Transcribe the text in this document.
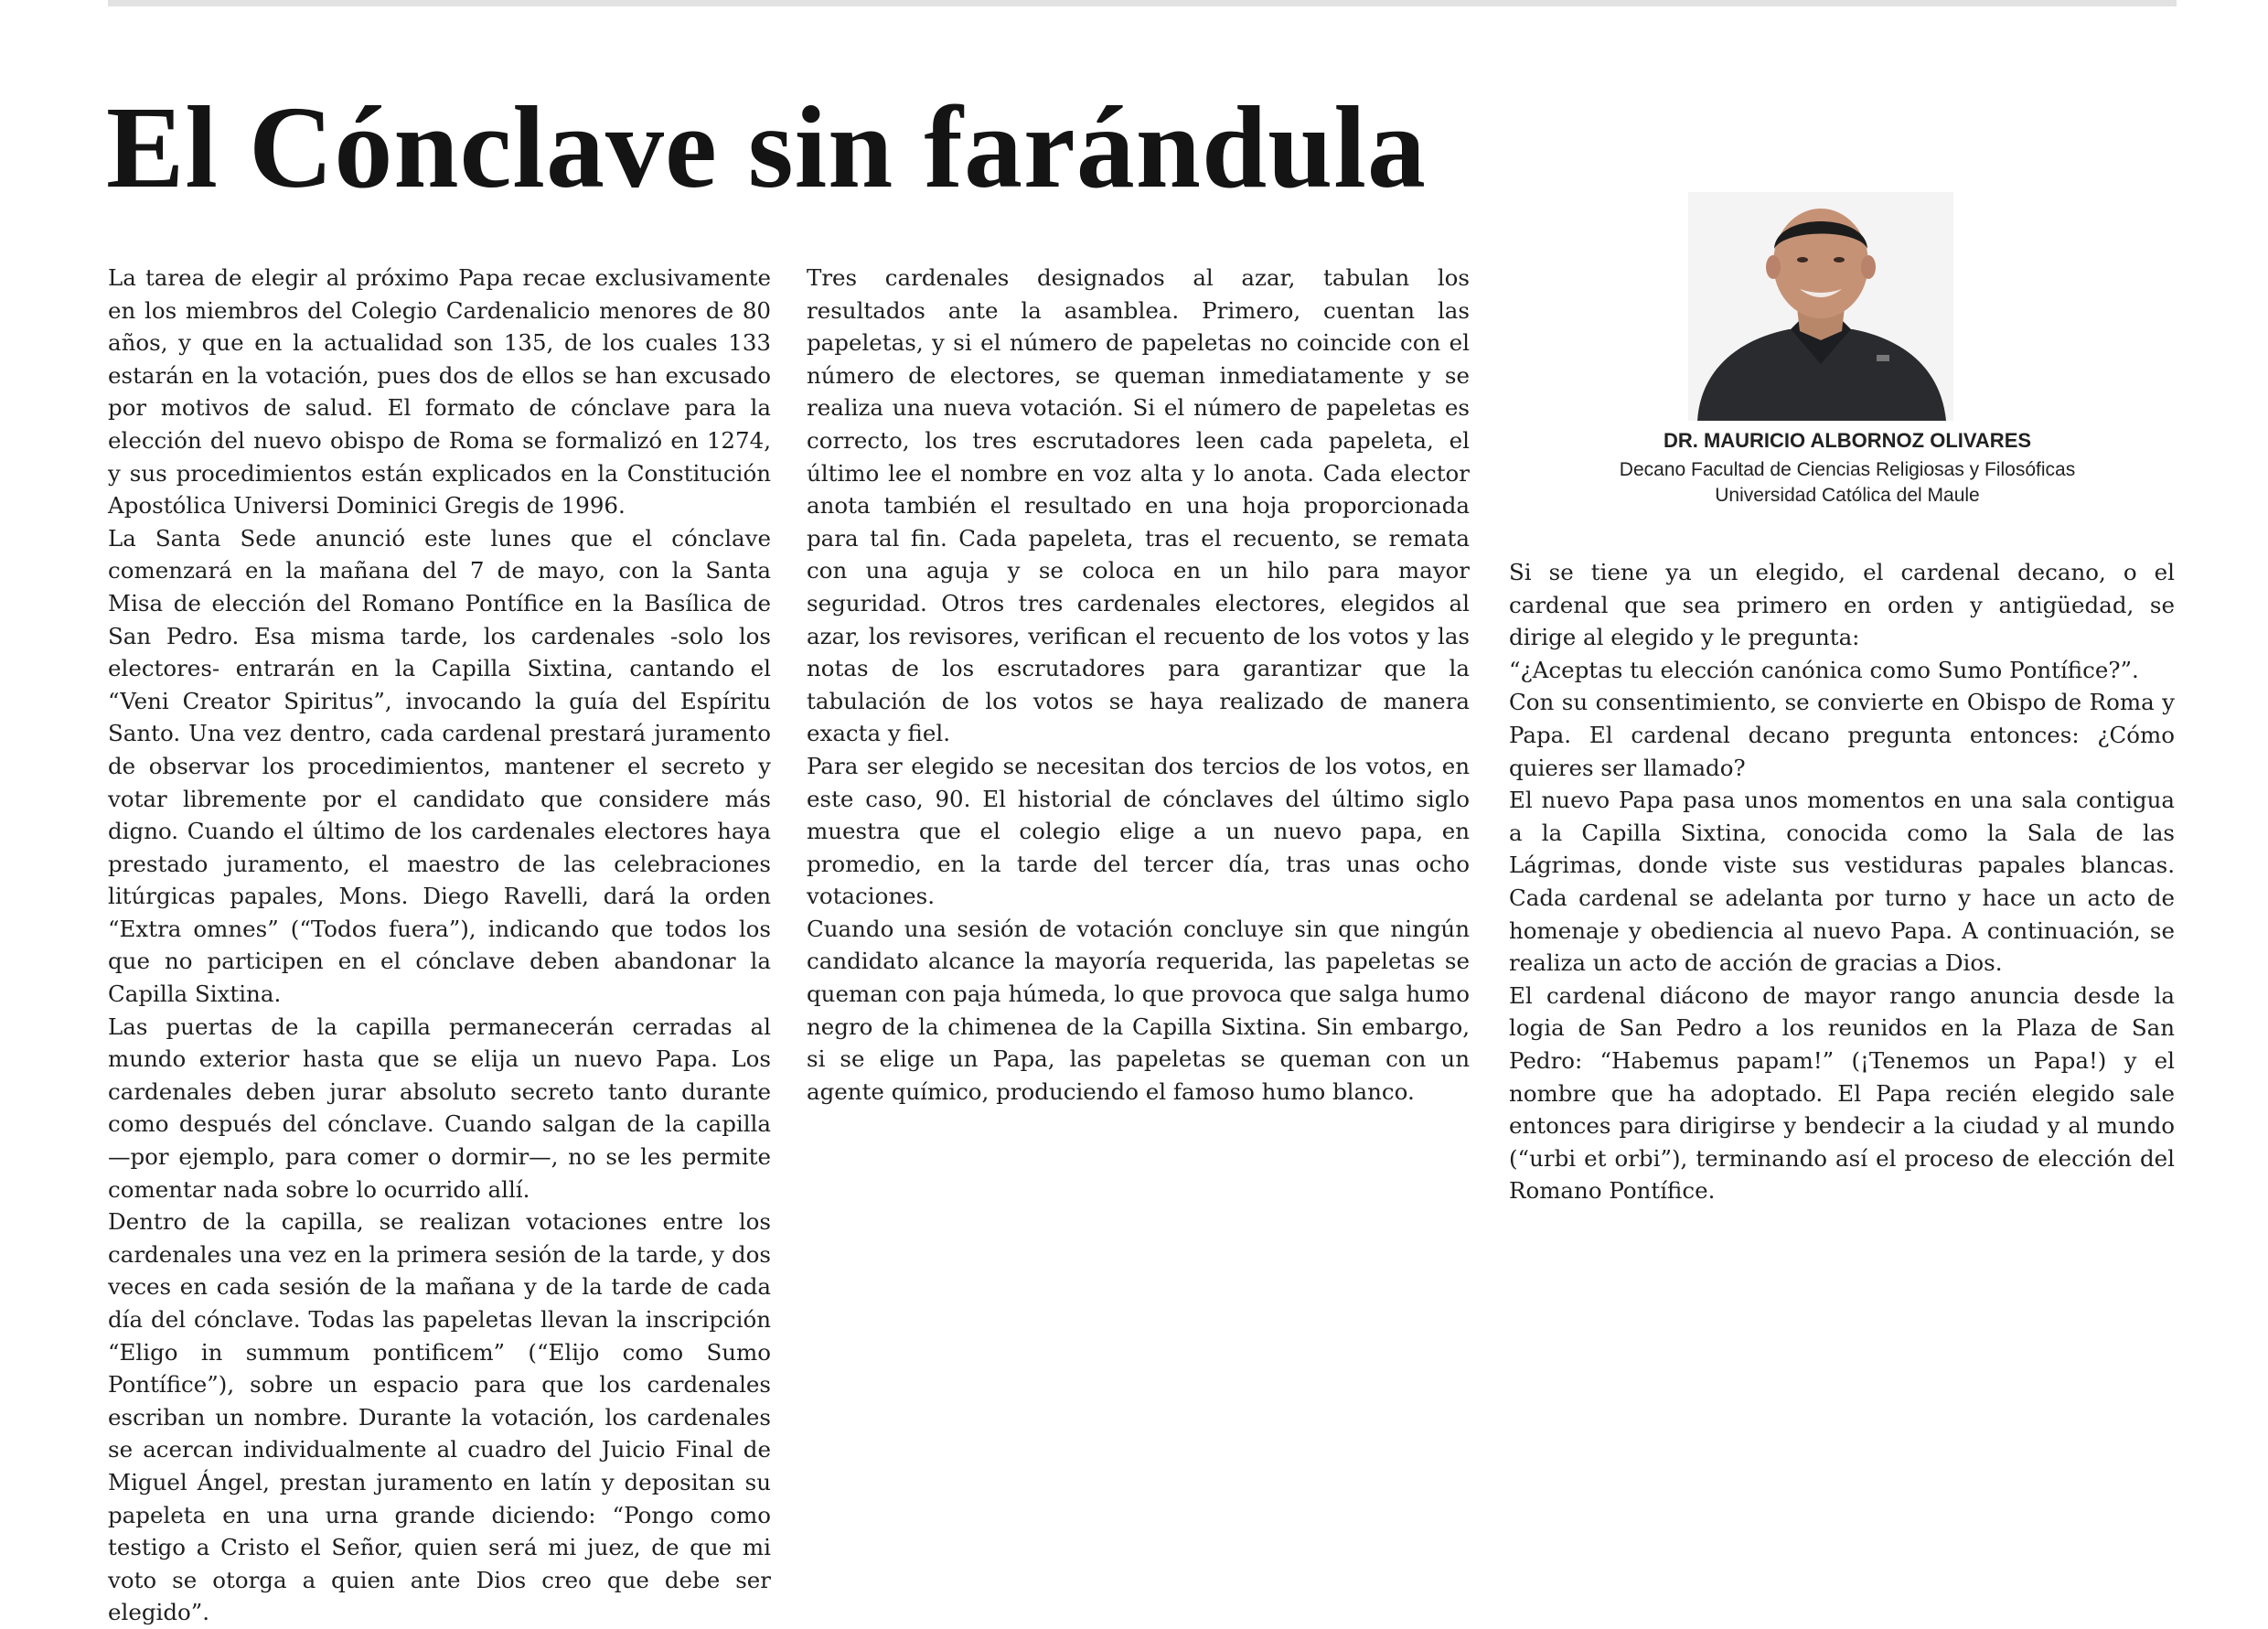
El Cónclave sin farándula

La tarea de elegir al próximo Papa recae exclusivamente en los miembros del Colegio Cardenalicio menores de 80 años, y que en la actualidad son 135, de los cuales 133 estarán en la votación, pues dos de ellos se han excusado por motivos de salud. El formato de cónclave para la elección del nuevo obispo de Roma se formalizó en 1274, y sus procedimientos están explicados en la Constitución Apostólica Universi Dominici Gregis de 1996.

La Santa Sede anunció este lunes que el cónclave comenzará en la mañana del 7 de mayo, con la Santa Misa de elección del Romano Pontífice en la Basílica de San Pedro. Esa misma tarde, los cardenales -solo los electores- entrarán en la Capilla Sixtina, cantando el “Veni Creator Spiritus”, invocando la guía del Espíritu Santo. Una vez dentro, cada cardenal prestará juramento de observar los procedimientos, mantener el secreto y votar libremente por el candidato que considere más digno. Cuando el último de los cardenales electores haya prestado juramento, el maestro de las celebraciones litúrgicas papales, Mons. Diego Ravelli, dará la orden “Extra omnes” (“Todos fuera”), indicando que todos los que no participen en el cónclave deben abandonar la Capilla Sixtina.

Las puertas de la capilla permanecerán cerradas al mundo exterior hasta que se elija un nuevo Papa. Los cardenales deben jurar absoluto secreto tanto durante como después del cónclave. Cuando salgan de la capilla —por ejemplo, para comer o dormir—, no se les permite comentar nada sobre lo ocurrido allí.

Dentro de la capilla, se realizan votaciones entre los cardenales una vez en la primera sesión de la tarde, y dos veces en cada sesión de la mañana y de la tarde de cada día del cónclave. Todas las papeletas llevan la inscripción “Eligo in summum pontificem” (“Elijo como Sumo Pontífice”), sobre un espacio para que los cardenales escriban un nombre. Durante la votación, los cardenales se acercan individualmente al cuadro del Juicio Final de Miguel Ángel, prestan juramento en latín y depositan su papeleta en una urna grande diciendo: “Pongo como testigo a Cristo el Señor, quien será mi juez, de que mi voto se otorga a quien ante Dios creo que debe ser elegido”.

Tres cardenales designados al azar, tabulan los resultados ante la asamblea. Primero, cuentan las papeletas, y si el número de papeletas no coincide con el número de electores, se queman inmediatamente y se realiza una nueva votación. Si el número de papeletas es correcto, los tres escrutadores leen cada papeleta, el último lee el nombre en voz alta y lo anota. Cada elector anota también el resultado en una hoja proporcionada para tal fin. Cada papeleta, tras el recuento, se remata con una aguja y se coloca en un hilo para mayor seguridad. Otros tres cardenales electores, elegidos al azar, los revisores, verifican el recuento de los votos y las notas de los escrutadores para garantizar que la tabulación de los votos se haya realizado de manera exacta y fiel.

Para ser elegido se necesitan dos tercios de los votos, en este caso, 90. El historial de cónclaves del último siglo muestra que el colegio elige a un nuevo papa, en promedio, en la tarde del tercer día, tras unas ocho votaciones.

Cuando una sesión de votación concluye sin que ningún candidato alcance la mayoría requerida, las papeletas se queman con paja húmeda, lo que provoca que salga humo negro de la chimenea de la Capilla Sixtina. Sin embargo, si se elige un Papa, las papeletas se queman con un agente químico, produciendo el famoso humo blanco.

DR. MAURICIO ALBORNOZ OLIVARES
Decano Facultad de Ciencias Religiosas y Filosóficas
Universidad Católica del Maule

Si se tiene ya un elegido, el cardenal decano, o el cardenal que sea primero en orden y antigüedad, se dirige al elegido y le pregunta:

“¿Aceptas tu elección canónica como Sumo Pontífice?”.

Con su consentimiento, se convierte en Obispo de Roma y Papa. El cardenal decano pregunta entonces: ¿Cómo quieres ser llamado?

El nuevo Papa pasa unos momentos en una sala contigua a la Capilla Sixtina, conocida como la Sala de las Lágrimas, donde viste sus vestiduras papales blancas. Cada cardenal se adelanta por turno y hace un acto de homenaje y obediencia al nuevo Papa. A continuación, se realiza un acto de acción de gracias a Dios.

El cardenal diácono de mayor rango anuncia desde la logia de San Pedro a los reunidos en la Plaza de San Pedro: “Habemus papam!” (¡Tenemos un Papa!) y el nombre que ha adoptado. El Papa recién elegido sale entonces para dirigirse y bendecir a la ciudad y al mundo (“urbi et orbi”), terminando así el proceso de elección del Romano Pontífice.
